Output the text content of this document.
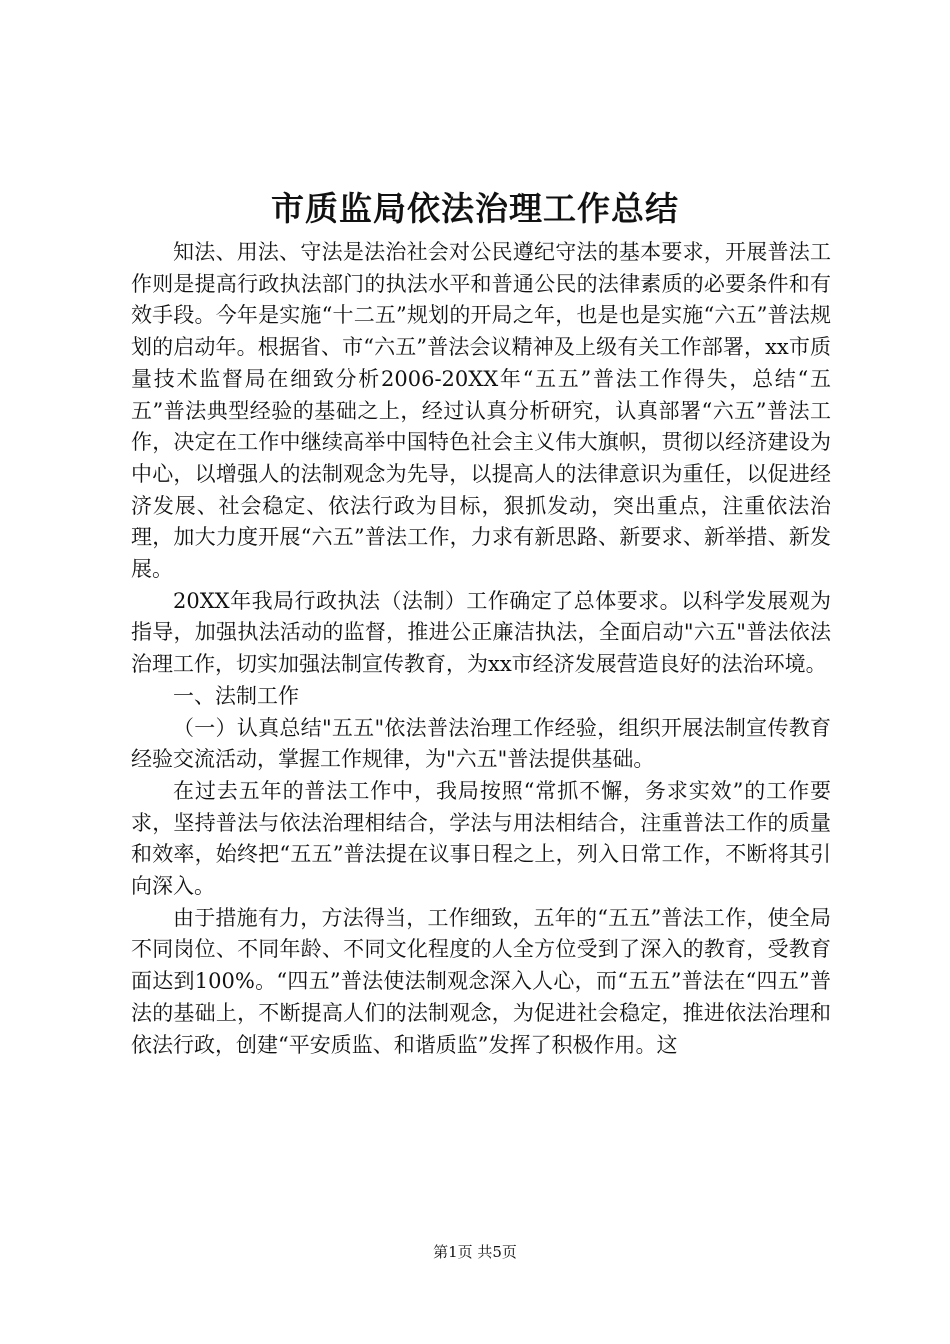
市质监局依法治理工作总结

知法、用法、守法是法治社会对公民遵纪守法的基本要求，开展普法工作则是提高行政执法部门的执法水平和普通公民的法律素质的必要条件和有效手段。今年是实施“十二五”规划的开局之年，也是也是实施“六五”普法规划的启动年。根据省、市“六五”普法会议精神及上级有关工作部署，xx市质量技术监督局在细致分析2006-20XX年“五五”普法工作得失，总结“五五”普法典型经验的基础之上，经过认真分析研究，认真部署“六五”普法工作，决定在工作中继续高举中国特色社会主义伟大旗帜，贯彻以经济建设为中心，以增强人的法制观念为先导，以提高人的法律意识为重任，以促进经济发展、社会稳定、依法行政为目标，狠抓发动，突出重点，注重依法治理，加大力度开展“六五”普法工作，力求有新思路、新要求、新举措、新发展。

20XX年我局行政执法（法制）工作确定了总体要求。以科学发展观为指导，加强执法活动的监督，推进公正廉洁执法，全面启动"六五"普法依法治理工作，切实加强法制宣传教育，为xx市经济发展营造良好的法治环境。

一、法制工作

（一）认真总结"五五"依法普法治理工作经验，组织开展法制宣传教育经验交流活动，掌握工作规律，为"六五"普法提供基础。

在过去五年的普法工作中，我局按照“常抓不懈，务求实效”的工作要求，坚持普法与依法治理相结合，学法与用法相结合，注重普法工作的质量和效率，始终把“五五”普法提在议事日程之上，列入日常工作，不断将其引向深入。

由于措施有力，方法得当，工作细致，五年的“五五”普法工作，使全局不同岗位、不同年龄、不同文化程度的人全方位受到了深入的教育，受教育面达到100%。“四五”普法使法制观念深入人心，而“五五”普法在“四五”普法的基础上，不断提高人们的法制观念，为促进社会稳定，推进依法治理和依法行政，创建“平安质监、和谐质监”发挥了积极作用。这

第1页 共5页
